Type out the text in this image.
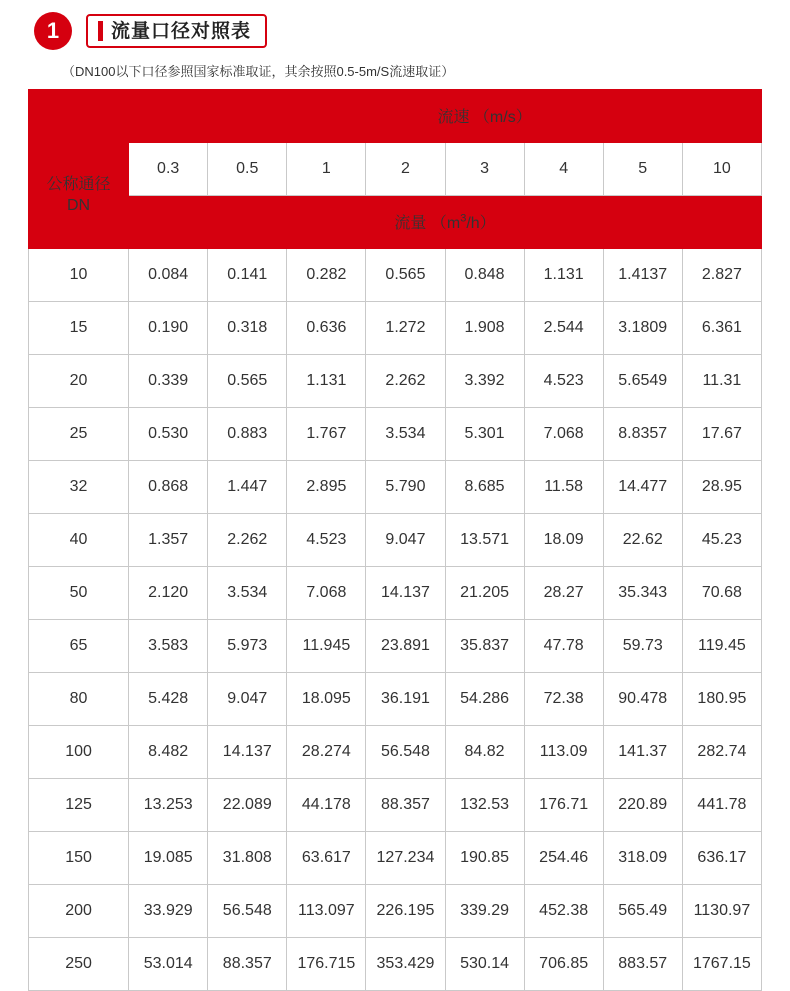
1	流量口径对照表
（DN100以下口径参照国家标准取证，其余按照0.5-5m/S流速取证）
		流速 （m/s）						
公称通径
DN	0.3	0.5	1	2	3	4	5	10
	流量 $(m^3/h)$							
10	0.084	0.141	0.282	0.565	0.848	1.131	1.4137	2.827
15	0.190	0.318	0.636	1.272	1.908	2.544	3.1809	6.361
20	0.339	0.565	1.131	2.262	3.392	4.523	5.6549	11.31
25	0.530	0.883	1.767	3.534	5.301	7.068	8.8357	17.67
32	0.868	1.447	2.895	5.790	8.685	11.58	14.477	28.95
40	1.357	2.262	4.523	9.047	13.571	18.09	22.62	45.23
50	2.120	3.534	7.068	14.137	21.205	28.27	35.343	70.68
65	3.583	5.973	11.945	23.891	35.837	47.78	59.73	119.45
80	5.428	9.047	18.095	36.191	54.286	72.38	90.478	180.95
100	8.482	14.137	28.274	56.548	84.82	113.09	141.37	282.74
125	13.253	22.089	44.178	88.357	132.53	176.71	220.89	441.78
150	19.085	31.808	63.617	127.234	190.85	254.46	318.09	636.17
200	33.929	56.548	113.097	226.195	339.29	452.38	565.49	1130.97
250	53.014	88.357	176.715	353.429	530.14	706.85	883.57	1767.15
